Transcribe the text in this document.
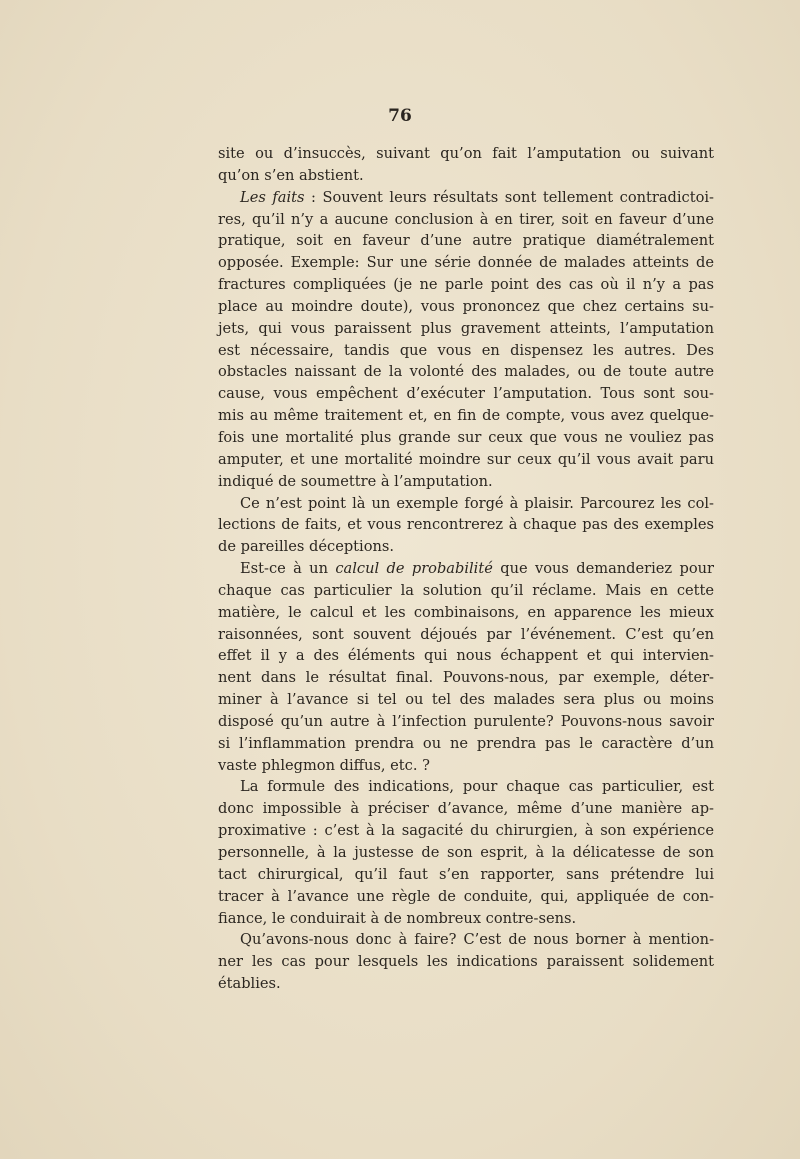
76

site ou d’insuccès, suivant qu’on fait l’amputation ou suivant
qu’on s’en abstient.

Les faits : Souvent leurs résultats sont tellement contradictoi-
res, qu’il n’y a aucune conclusion à en tirer, soit en faveur d’une
pratique, soit en faveur d’une autre pratique diamétralement
opposée. Exemple: Sur une série donnée de malades atteints de
fractures compliquées (je ne parle point des cas où il n’y a pas
place au moindre doute), vous prononcez que chez certains su-
jets, qui vous paraissent plus gravement atteints, l’amputation
est nécessaire, tandis que vous en dispensez les autres. Des
obstacles naissant de la volonté des malades, ou de toute autre
cause, vous empêchent d’exécuter l’amputation. Tous sont sou-
mis au même traitement et, en fin de compte, vous avez quelque-
fois une mortalité plus grande sur ceux que vous ne vouliez pas
amputer, et une mortalité moindre sur ceux qu’il vous avait paru
indiqué de soumettre à l’amputation.

Ce n’est point là un exemple forgé à plaisir. Parcourez les col-
lections de faits, et vous rencontrerez à chaque pas des exemples
de pareilles déceptions.

Est-ce à un calcul de probabilité que vous demanderiez pour
chaque cas particulier la solution qu’il réclame. Mais en cette
matière, le calcul et les combinaisons, en apparence les mieux
raisonnées, sont souvent déjoués par l’événement. C’est qu’en
effet il y a des éléments qui nous échappent et qui intervien-
nent dans le résultat final. Pouvons-nous, par exemple, déter-
miner à l’avance si tel ou tel des malades sera plus ou moins
disposé qu’un autre à l’infection purulente? Pouvons-nous savoir
si l’inflammation prendra ou ne prendra pas le caractère d’un
vaste phlegmon diffus, etc. ?

La formule des indications, pour chaque cas particulier, est
donc impossible à préciser d’avance, même d’une manière ap-
proximative : c’est à la sagacité du chirurgien, à son expérience
personnelle, à la justesse de son esprit, à la délicatesse de son
tact chirurgical, qu’il faut s’en rapporter, sans prétendre lui
tracer à l’avance une règle de conduite, qui, appliquée de con-
fiance, le conduirait à de nombreux contre-sens.

Qu’avons-nous donc à faire? C’est de nous borner à mention-
ner les cas pour lesquels les indications paraissent solidement
établies.
